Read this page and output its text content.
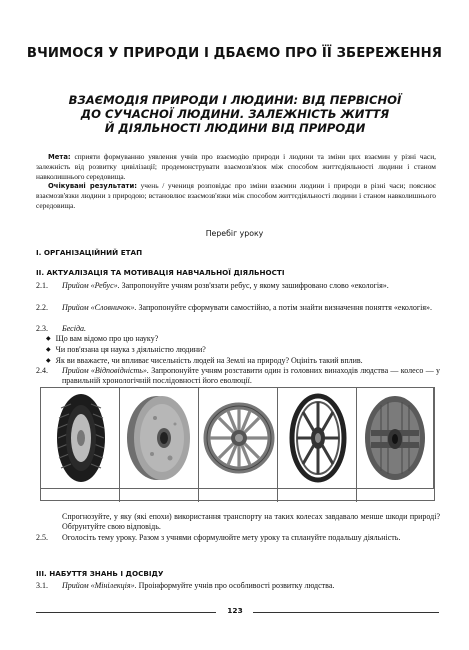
ВЧИМОСЯ У ПРИРОДИ І ДБАЄМО ПРО ЇЇ ЗБЕРЕЖЕННЯ
ВЗАЄМОДІЯ ПРИРОДИ І ЛЮДИНИ: ВІД ПЕРВІСНОЇ
ДО СУЧАСНОЇ ЛЮДИНИ. ЗАЛЕЖНІСТЬ ЖИТТЯ
Й ДІЯЛЬНОСТІ ЛЮДИНИ ВІД ПРИРОДИ
Мета: сприяти формуванню уявлення учнів про взаємодію природи і людини та зміни цих взаємин у різні часи, залежність від розвитку цивілізації; продемонструвати взаємозв'язок між способом життєдіяльності людини і станом навколишнього середовища.
Очікувані результати: учень / учениця розповідає про зміни взаємин людини і природи в різні часи; пояснює взаємозв'язки людини з природою; встановлює взаємозв'язки між способом життєдіяльності людини і станом навколишнього середовища.
Перебіг уроку
І. ОРГАНІЗАЦІЙНИЙ ЕТАП
ІІ. АКТУАЛІЗАЦІЯ ТА МОТИВАЦІЯ НАВЧАЛЬНОЇ ДІЯЛЬНОСТІ
2.1. Прийом «Ребус». Запропонуйте учням розв'язати ребус, у якому зашифровано слово «екологія».
2.2. Прийом «Словничок». Запропонуйте сформувати самостійно, а потім знайти визначення поняття «екологія».
2.3. Бесіда.
◆ Що вам відомо про цю науку?
◆ Чи пов'язана ця наука з діяльністю людини?
◆ Як ви вважаєте, чи впливає чисельність людей на Землі на природу? Оцініть такий вплив.
2.4. Прийом «Відповідність». Запропонуйте учням розставити один із головних винаходів людства — колесо — у правильній хронологічній послідовності його еволюції.
Спрогнозуйте, у яку (які епохи) використання транспорту на таких колесах завдавало менше шкоди природі? Обґрунтуйте свою відповідь.
2.5. Оголосіть тему уроку. Разом з учнями сформулюйте мету уроку та сплануйте подальшу діяльність.
ІІІ. НАБУТТЯ ЗНАНЬ І ДОСВІДУ
3.1. Прийом «Мінілекція». Проінформуйте учнів про особливості розвитку людства.
123
